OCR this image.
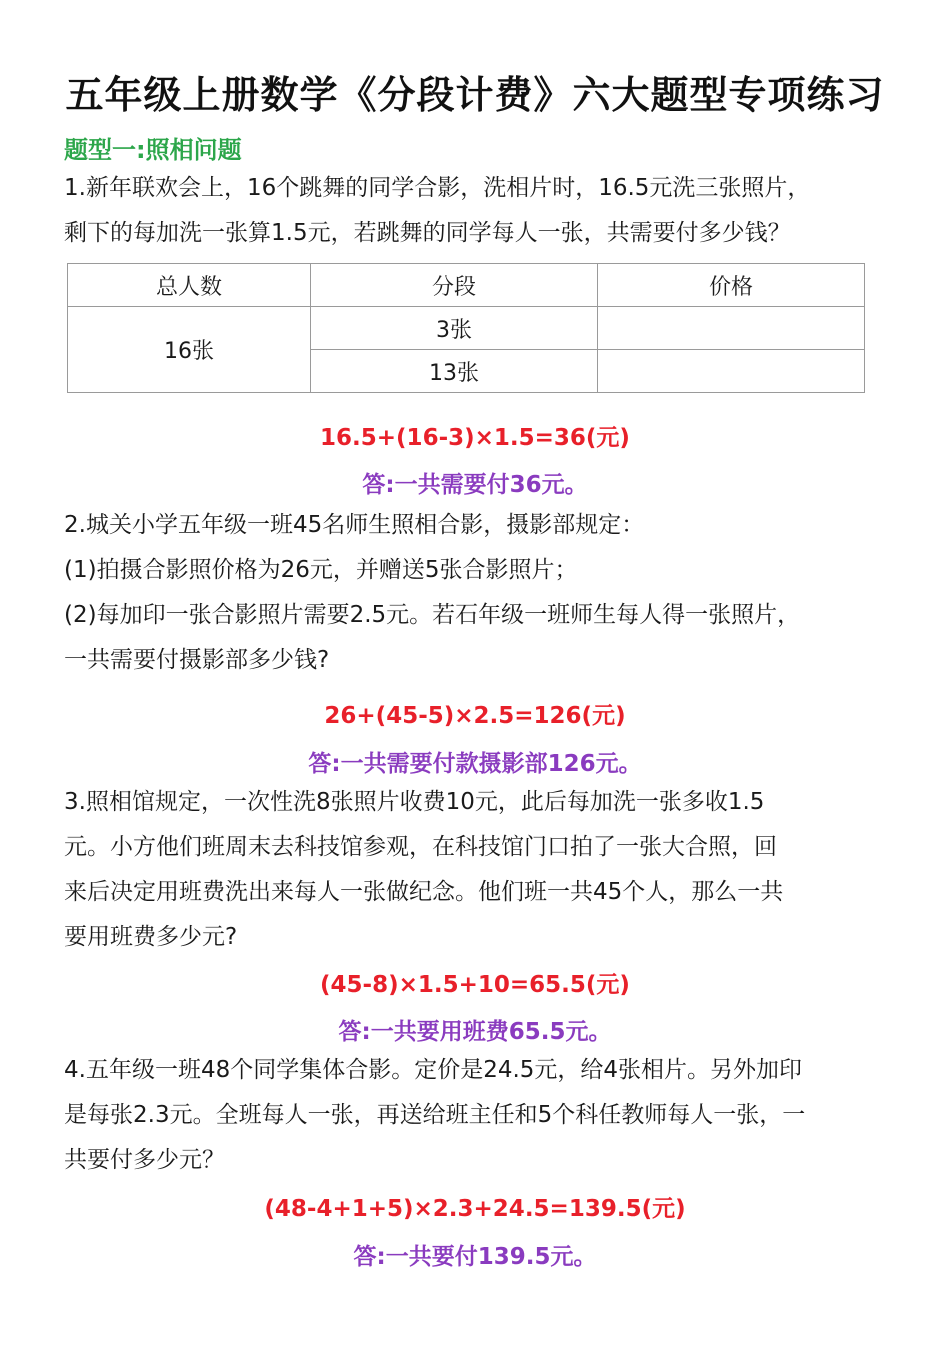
五年级上册数学《分段计费》六大题型专项练习
题型一:照相问题
1.新年联欢会上，16个跳舞的同学合影，洗相片时，16.5元洗三张照片，
剩下的每加洗一张算1.5元，若跳舞的同学每人一张，共需要付多少钱？
总人数	分段	价格
16张	3张	
	13张	
16.5+(16-3)×1.5=36(元)
答:一共需要付36元。
2.城关小学五年级一班45名师生照相合影，摄影部规定：
(1)拍摄合影照价格为26元，并赠送5张合影照片；
(2)每加印一张合影照片需要2.5元。若石年级一班师生每人得一张照片，
一共需要付摄影部多少钱?
26+(45-5)×2.5=126(元)
答:一共需要付款摄影部126元。
3.照相馆规定，一次性洗8张照片收费10元，此后每加洗一张多收1.5
元。小方他们班周末去科技馆参观，在科技馆门口拍了一张大合照，回
来后决定用班费洗出来每人一张做纪念。他们班一共45个人，那么一共
要用班费多少元?
(45-8)×1.5+10=65.5(元)
答:一共要用班费65.5元。
4.五年级一班48个同学集体合影。定价是24.5元，给4张相片。另外加印
是每张2.3元。全班每人一张，再送给班主任和5个科任教师每人一张，一
共要付多少元？
(48-4+1+5)×2.3+24.5=139.5(元)
答:一共要付139.5元。
